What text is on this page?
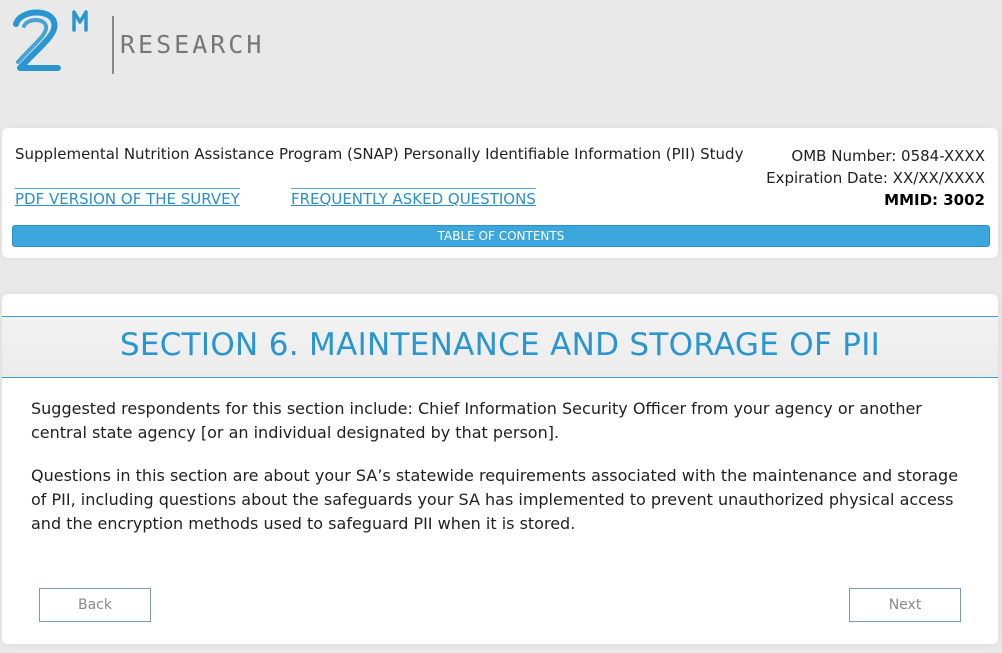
RESEARCH
Supplemental Nutrition Assistance Program (SNAP) Personally Identifiable Information (PII) Study	OMB Number: 0584-XXXX
Expiration Date: XX/XX/XXXX
MMID: 3002
PDF VERSION OF THE SURVEY	FREQUENTLY ASKED QUESTIONS
TABLE OF CONTENTS
SECTION 6. MAINTENANCE AND STORAGE OF PII
Suggested respondents for this section include: Chief Information Security Officer from your agency or another central state agency [or an individual designated by that person].
Questions in this section are about your SA’s statewide requirements associated with the maintenance and storage of PII, including questions about the safeguards your SA has implemented to prevent unauthorized physical access and the encryption methods used to safeguard PII when it is stored.
Back	Next
